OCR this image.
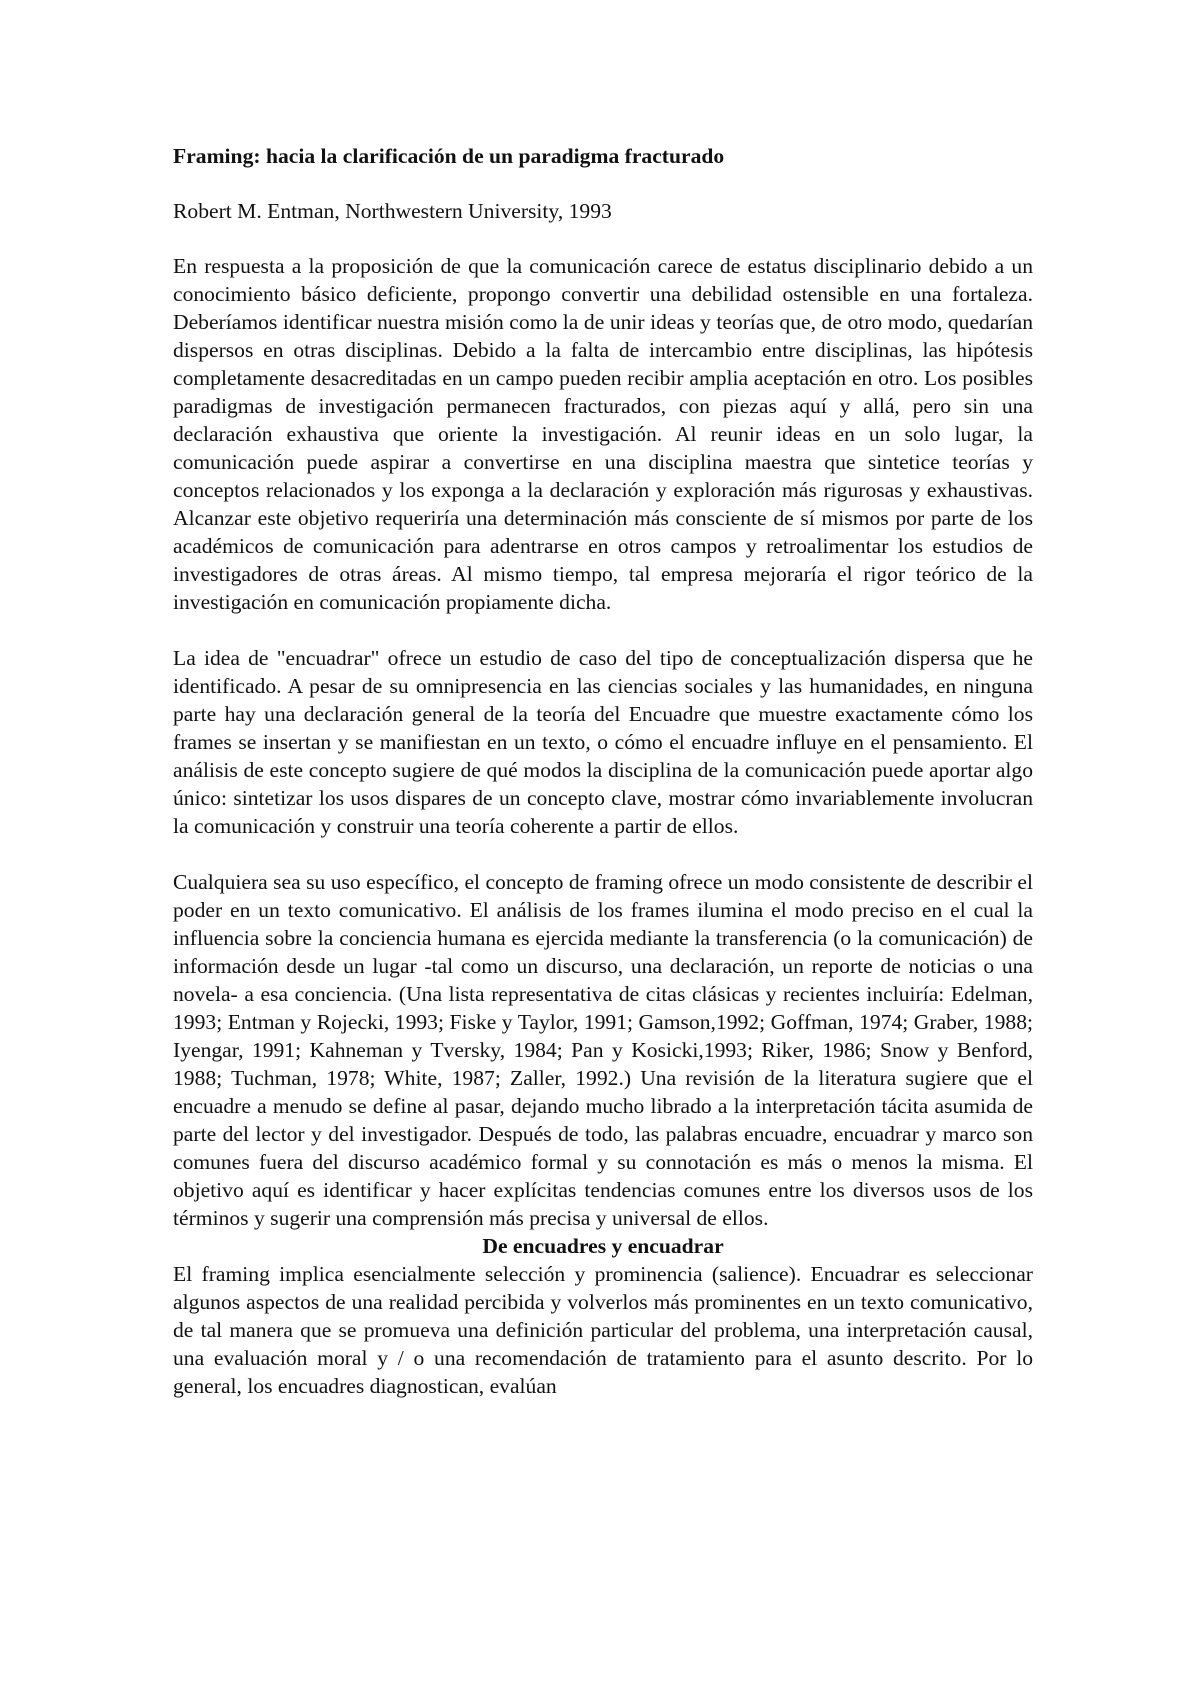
Framing: hacia la clarificación de un paradigma fracturado
Robert M. Entman, Northwestern University, 1993
En respuesta a la proposición de que la comunicación carece de estatus disciplinario debido a un conocimiento básico deficiente, propongo convertir una debilidad ostensible en una fortaleza. Deberíamos identificar nuestra misión como la de unir ideas y teorías que, de otro modo, quedarían dispersos en otras disciplinas. Debido a la falta de intercambio entre disciplinas, las hipótesis completamente desacreditadas en un campo pueden recibir amplia aceptación en otro. Los posibles paradigmas de investigación permanecen fracturados, con piezas aquí y allá, pero sin una declaración exhaustiva que oriente la investigación. Al reunir ideas en un solo lugar, la comunicación puede aspirar a convertirse en una disciplina maestra que sintetice teorías y conceptos relacionados y los exponga a la declaración y exploración más rigurosas y exhaustivas. Alcanzar este objetivo requeriría una determinación más consciente de sí mismos por parte de los académicos de comunicación para adentrarse en otros campos y retroalimentar los estudios de investigadores de otras áreas. Al mismo tiempo, tal empresa mejoraría el rigor teórico de la investigación en comunicación propiamente dicha.
La idea de "encuadrar" ofrece un estudio de caso del tipo de conceptualización dispersa que he identificado. A pesar de su omnipresencia en las ciencias sociales y las humanidades, en ninguna parte hay una declaración general de la teoría del Encuadre que muestre exactamente cómo los frames se insertan y se manifiestan en un texto, o cómo el encuadre influye en el pensamiento. El análisis de este concepto sugiere de qué modos la disciplina de la comunicación puede aportar algo único: sintetizar los usos dispares de un concepto clave, mostrar cómo invariablemente involucran la comunicación y construir una teoría coherente a partir de ellos.
Cualquiera sea su uso específico, el concepto de framing ofrece un modo consistente de describir el poder en un texto comunicativo. El análisis de los frames ilumina el modo preciso en el cual la influencia sobre la conciencia humana es ejercida mediante la transferencia (o la comunicación) de información desde un lugar -tal como un discurso, una declaración, un reporte de noticias o una novela- a esa conciencia. (Una lista representativa de citas clásicas y recientes incluiría: Edelman, 1993; Entman y Rojecki, 1993; Fiske y Taylor, 1991; Gamson,1992; Goffman, 1974; Graber, 1988; Iyengar, 1991; Kahneman y Tversky, 1984; Pan y Kosicki,1993; Riker, 1986; Snow y Benford, 1988; Tuchman, 1978; White, 1987; Zaller, 1992.) Una revisión de la literatura sugiere que el encuadre a menudo se define al pasar, dejando mucho librado a la interpretación tácita asumida de parte del lector y del investigador. Después de todo, las palabras encuadre, encuadrar y marco son comunes fuera del discurso académico formal y su connotación es más o menos la misma. El objetivo aquí es identificar y hacer explícitas tendencias comunes entre los diversos usos de los términos y sugerir una comprensión más precisa y universal de ellos.
De encuadres y encuadrar
El framing implica esencialmente selección y prominencia (salience). Encuadrar es seleccionar algunos aspectos de una realidad percibida y volverlos más prominentes en un texto comunicativo, de tal manera que se promueva una definición particular del problema, una interpretación causal, una evaluación moral y / o una recomendación de tratamiento para el asunto descrito. Por lo general, los encuadres diagnostican, evalúan
